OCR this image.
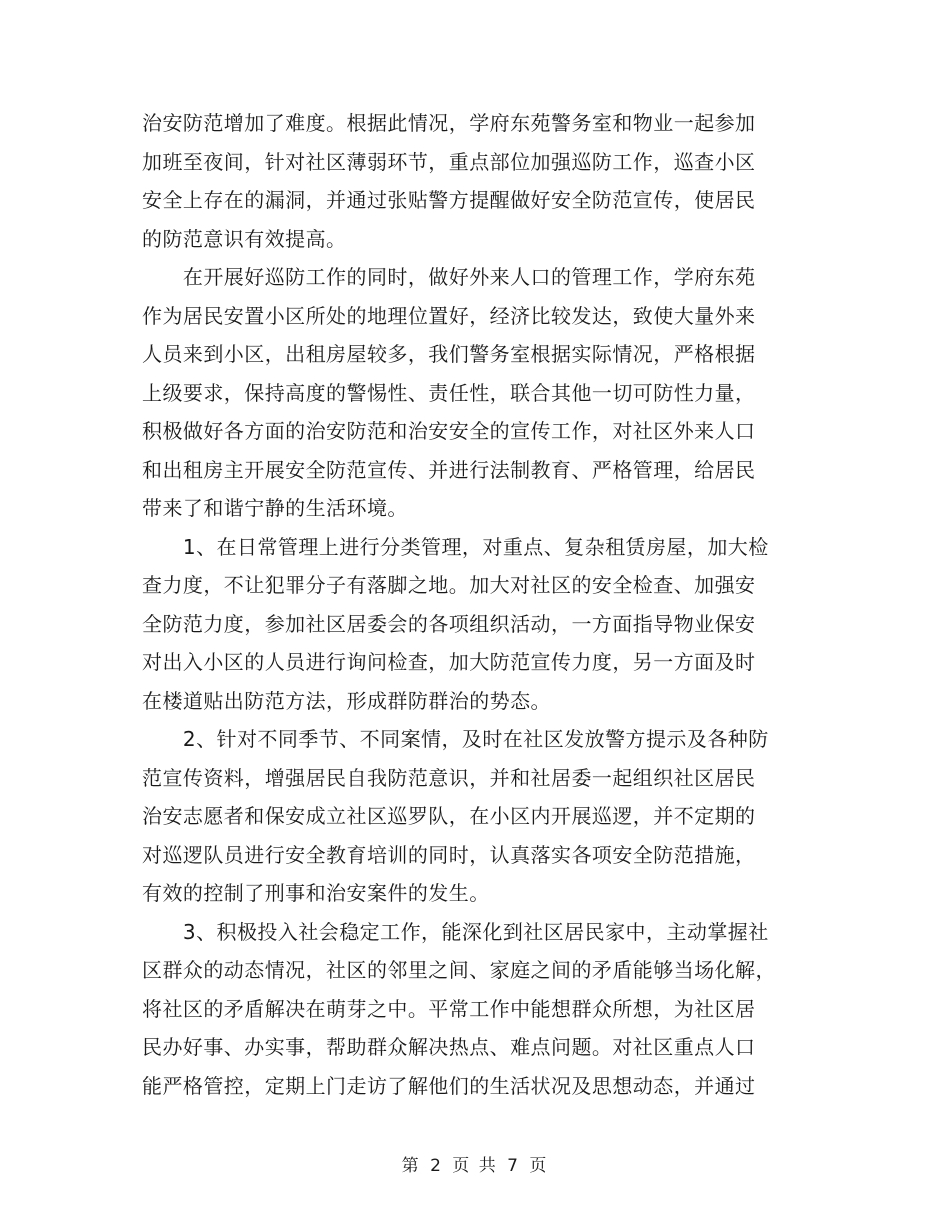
治安防范增加了难度。根据此情况，学府东苑警务室和物业一起参加
加班至夜间，针对社区薄弱环节，重点部位加强巡防工作，巡查小区
安全上存在的漏洞，并通过张贴警方提醒做好安全防范宣传，使居民
的防范意识有效提高。
　　在开展好巡防工作的同时，做好外来人口的管理工作，学府东苑
作为居民安置小区所处的地理位置好，经济比较发达，致使大量外来
人员来到小区，出租房屋较多，我们警务室根据实际情况，严格根据
上级要求，保持高度的警惕性、责任性，联合其他一切可防性力量，
积极做好各方面的治安防范和治安安全的宣传工作，对社区外来人口
和出租房主开展安全防范宣传、并进行法制教育、严格管理，给居民
带来了和谐宁静的生活环境。
　　1、在日常管理上进行分类管理，对重点、复杂租赁房屋，加大检
查力度，不让犯罪分子有落脚之地。加大对社区的安全检查、加强安
全防范力度，参加社区居委会的各项组织活动，一方面指导物业保安
对出入小区的人员进行询问检查，加大防范宣传力度，另一方面及时
在楼道贴出防范方法，形成群防群治的势态。
　　2、针对不同季节、不同案情，及时在社区发放警方提示及各种防
范宣传资料，增强居民自我防范意识，并和社居委一起组织社区居民
治安志愿者和保安成立社区巡罗队，在小区内开展巡逻，并不定期的
对巡逻队员进行安全教育培训的同时，认真落实各项安全防范措施，
有效的控制了刑事和治安案件的发生。
　　3、积极投入社会稳定工作，能深化到社区居民家中，主动掌握社
区群众的动态情况，社区的邻里之间、家庭之间的矛盾能够当场化解，
将社区的矛盾解决在萌芽之中。平常工作中能想群众所想，为社区居
民办好事、办实事，帮助群众解决热点、难点问题。对社区重点人口
能严格管控，定期上门走访了解他们的生活状况及思想动态，并通过
第 2 页 共 7 页
